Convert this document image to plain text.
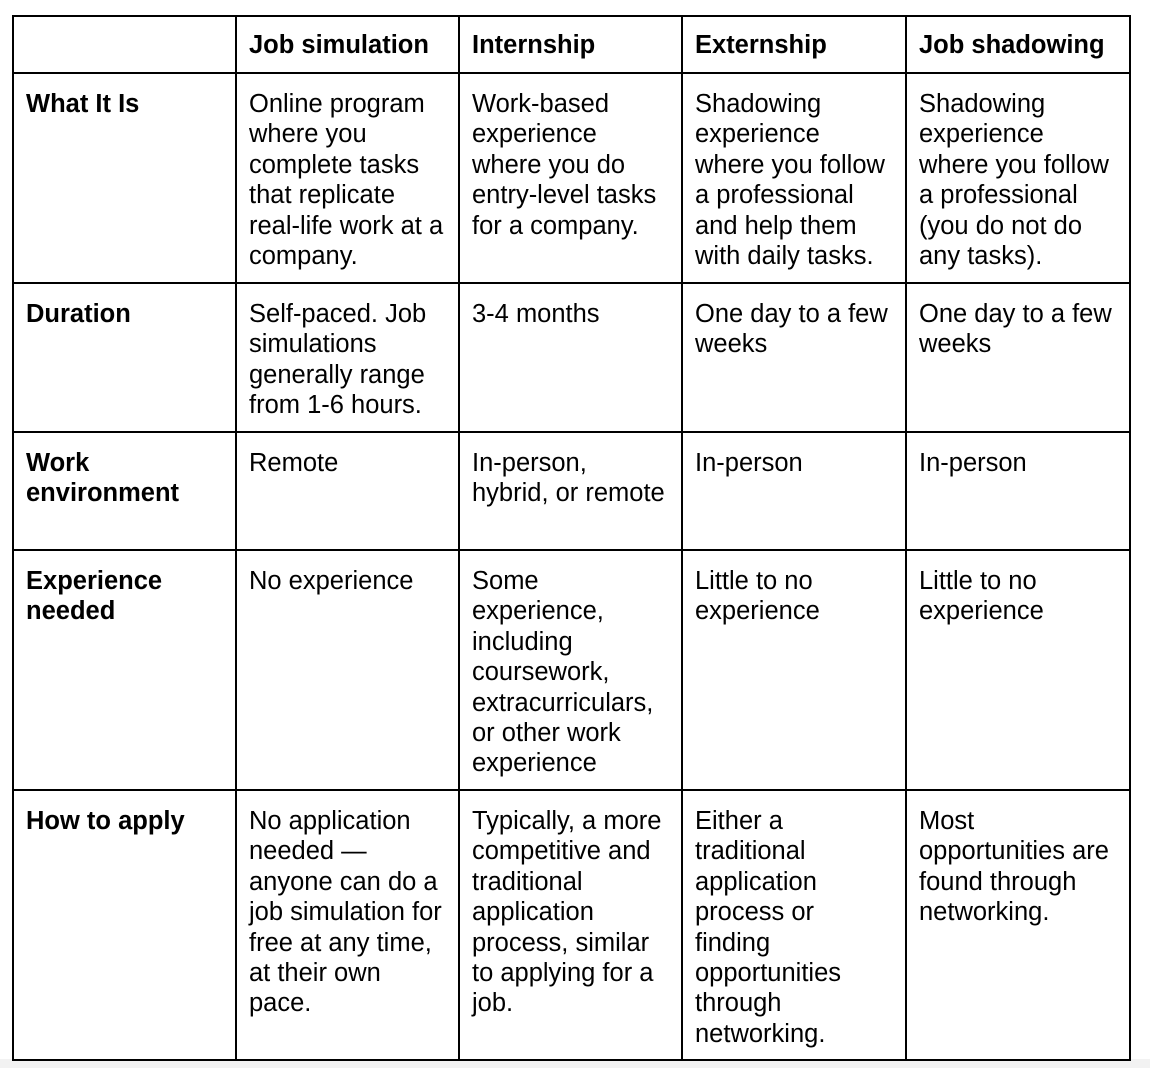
	Job simulation	Internship	Externship	Job shadowing
What It Is	Online program where you complete tasks that replicate real-life work at a company.	Work-based experience where you do entry-level tasks for a company.	Shadowing experience where you follow a professional and help them with daily tasks.	Shadowing experience where you follow a professional (you do not do any tasks).
Duration	Self-paced. Job simulations generally range from 1-6 hours.	3-4 months	One day to a few weeks	One day to a few weeks
Work environment	Remote	In-person, hybrid, or remote	In-person	In-person
Experience needed	No experience	Some experience, including coursework, extracurriculars, or other work experience	Little to no experience	Little to no experience
How to apply	No application needed — anyone can do a job simulation for free at any time, at their own pace.	Typically, a more competitive and traditional application process, similar to applying for a job.	Either a traditional application process or finding opportunities through networking.	Most opportunities are found through networking.
